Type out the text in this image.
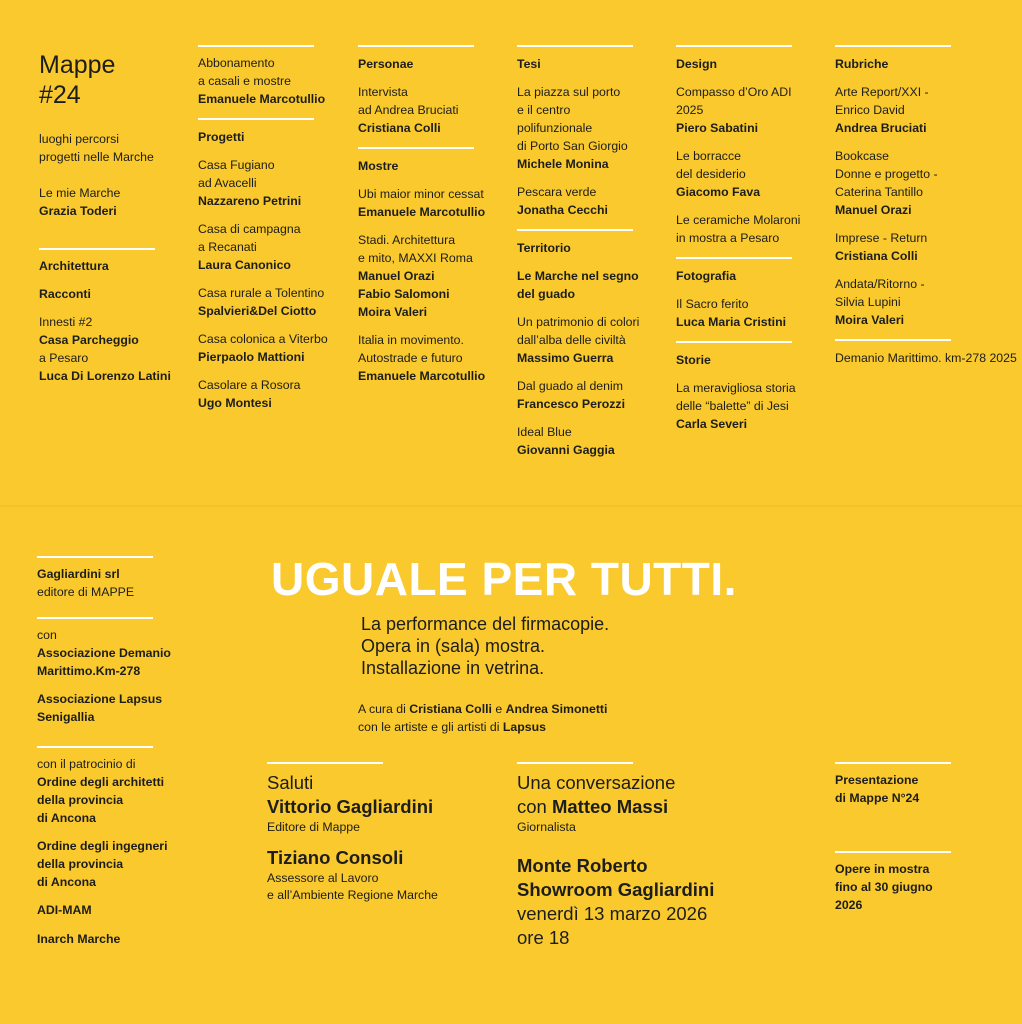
Mappe
#24

luoghi percorsi

progetti nelle Marche

Le mie Marche

Grazia Toderi

Architettura

Racconti

Innesti #2

Casa Parcheggio

a Pesaro

Luca Di Lorenzo Latini

Abbonamento

a casali e mostre

Emanuele Marcotullio

Progetti
Casa Fugiano
ad Avacelli
Nazzareno Petrini
Casa di campagna
a Recanati
Laura Canonico
Casa rurale a Tolentino
Spalvieri&Del Ciotto
Casa colonica a Viterbo
Pierpaolo Mattioni
Casolare a Rosora
Ugo Montesi
Personae
Intervista
ad Andrea Bruciati
Cristiana Colli
Mostre
Ubi maior minor cessat
Emanuele Marcotullio
Stadi. Architettura
e mito, MAXXI Roma
Manuel Orazi
Fabio Salomoni
Moira Valeri
Italia in movimento.
Autostrade e futuro
Emanuele Marcotullio
Tesi
La piazza sul porto
e il centro
polifunzionale
di Porto San Giorgio
Michele Monina
Pescara verde
Jonatha Cecchi
Territorio
Le Marche nel segno
del guado
Un patrimonio di colori
dall’alba delle civiltà
Massimo Guerra
Dal guado al denim
Francesco Perozzi
Ideal Blue
Giovanni Gaggia
Design
Compasso d’Oro ADI
2025
Piero Sabatini
Le borracce
del desiderio
Giacomo Fava
Le ceramiche Molaroni
in mostra a Pesaro
Fotografia
Il Sacro ferito
Luca Maria Cristini
Storie
La meravigliosa storia
delle “balette” di Jesi
Carla Severi
Rubriche
Arte Report/XXI -
Enrico David
Andrea Bruciati
Bookcase
Donne e progetto -
Caterina Tantillo
Manuel Orazi
Imprese - Return
Cristiana Colli
Andata/Ritorno -
Silvia Lupini
Moira Valeri
Demanio Marittimo. km-278 2025

Gagliardini srl

editore di MAPPE

con

Associazione Demanio

Marittimo.Km-278

Associazione Lapsus

Senigallia

con il patrocinio di

Ordine degli architetti

della provincia

di Ancona

Ordine degli ingegneri

della provincia

di Ancona

ADI-MAM

Inarch Marche

UGUALE PER TUTTI.
La performance del firmacopie.
Opera in (sala) mostra.
Installazione in vetrina.
A cura di Cristiana Colli e Andrea Simonetti
con le artiste e gli artisti di Lapsus
Saluti
Vittorio Gagliardini
Editore di Mappe
Tiziano Consoli
Assessore al Lavoro
e all’Ambiente Regione Marche
Una conversazione
con Matteo Massi
Giornalista
Monte Roberto
Showroom Gagliardini
venerdì 13 marzo 2026
ore 18

Presentazione

di Mappe N°24

Opere in mostra

fino al 30 giugno

2026
